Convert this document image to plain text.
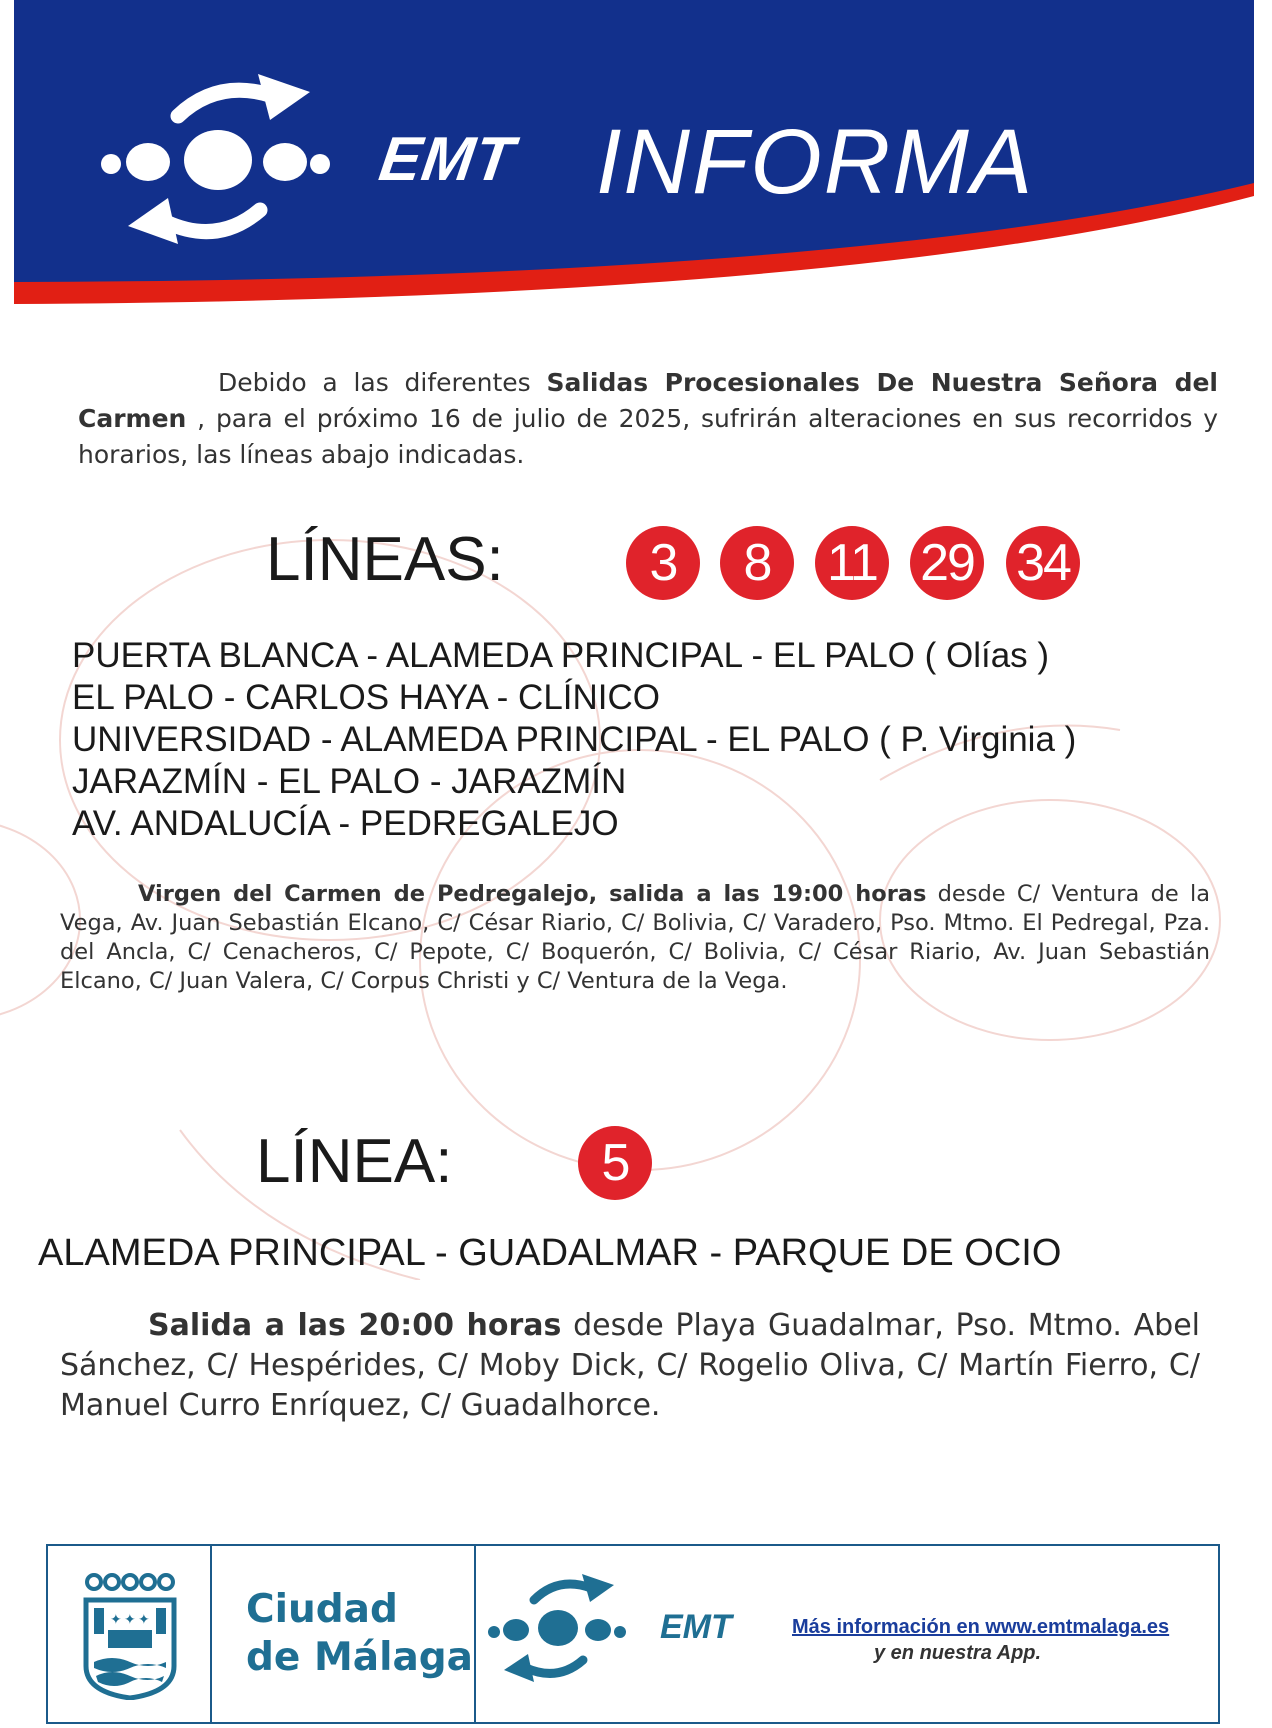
EMT INFORMA
Debido a las diferentes Salidas Procesionales De Nuestra Señora del Carmen , para el próximo 16 de julio de 2025, sufrirán alteraciones en sus recorridos y horarios, las líneas abajo indicadas.
LÍNEAS:	3	8	11 29 34
PUERTA BLANCA - ALAMEDA PRINCIPAL - EL PALO ( Olías )
EL PALO - CARLOS HAYA - CLÍNICO
UNIVERSIDAD - ALAMEDA PRINCIPAL - EL PALO ( P. Virginia )
JARAZMÍN - EL PALO - JARAZMÍN
AV. ANDALUCÍA - PEDREGALEJO
Virgen del Carmen de Pedregalejo, salida a las 19:00 horas desde C/ Ventura de la Vega, Av. Juan Sebastián Elcano, C/ César Riario, C/ Bolivia, C/ Varadero, Pso. Mtmo. El Pedregal, Pza. del Ancla, C/ Cenacheros, C/ Pepote, C/ Boquerón, C/ Bolivia, C/ César Riario, Av. Juan Sebastián Elcano, C/ Juan Valera, C/ Corpus Christi y C/ Ventura de la Vega.
LÍNEA:	5
ALAMEDA PRINCIPAL - GUADALMAR - PARQUE DE OCIO
Salida a las 20:00 horas desde Playa Guadalmar, Pso. Mtmo. Abel Sánchez, C/ Hespérides, C/ Moby Dick, C/ Rogelio Oliva, C/ Martín Fierro, C/ Manuel Curro Enríquez, C/ Guadalhorce.
✦ ✦ ✦ Ciudad
de Málaga
EMT	Más información en www.emtmalaga.es
y en nuestra App.
